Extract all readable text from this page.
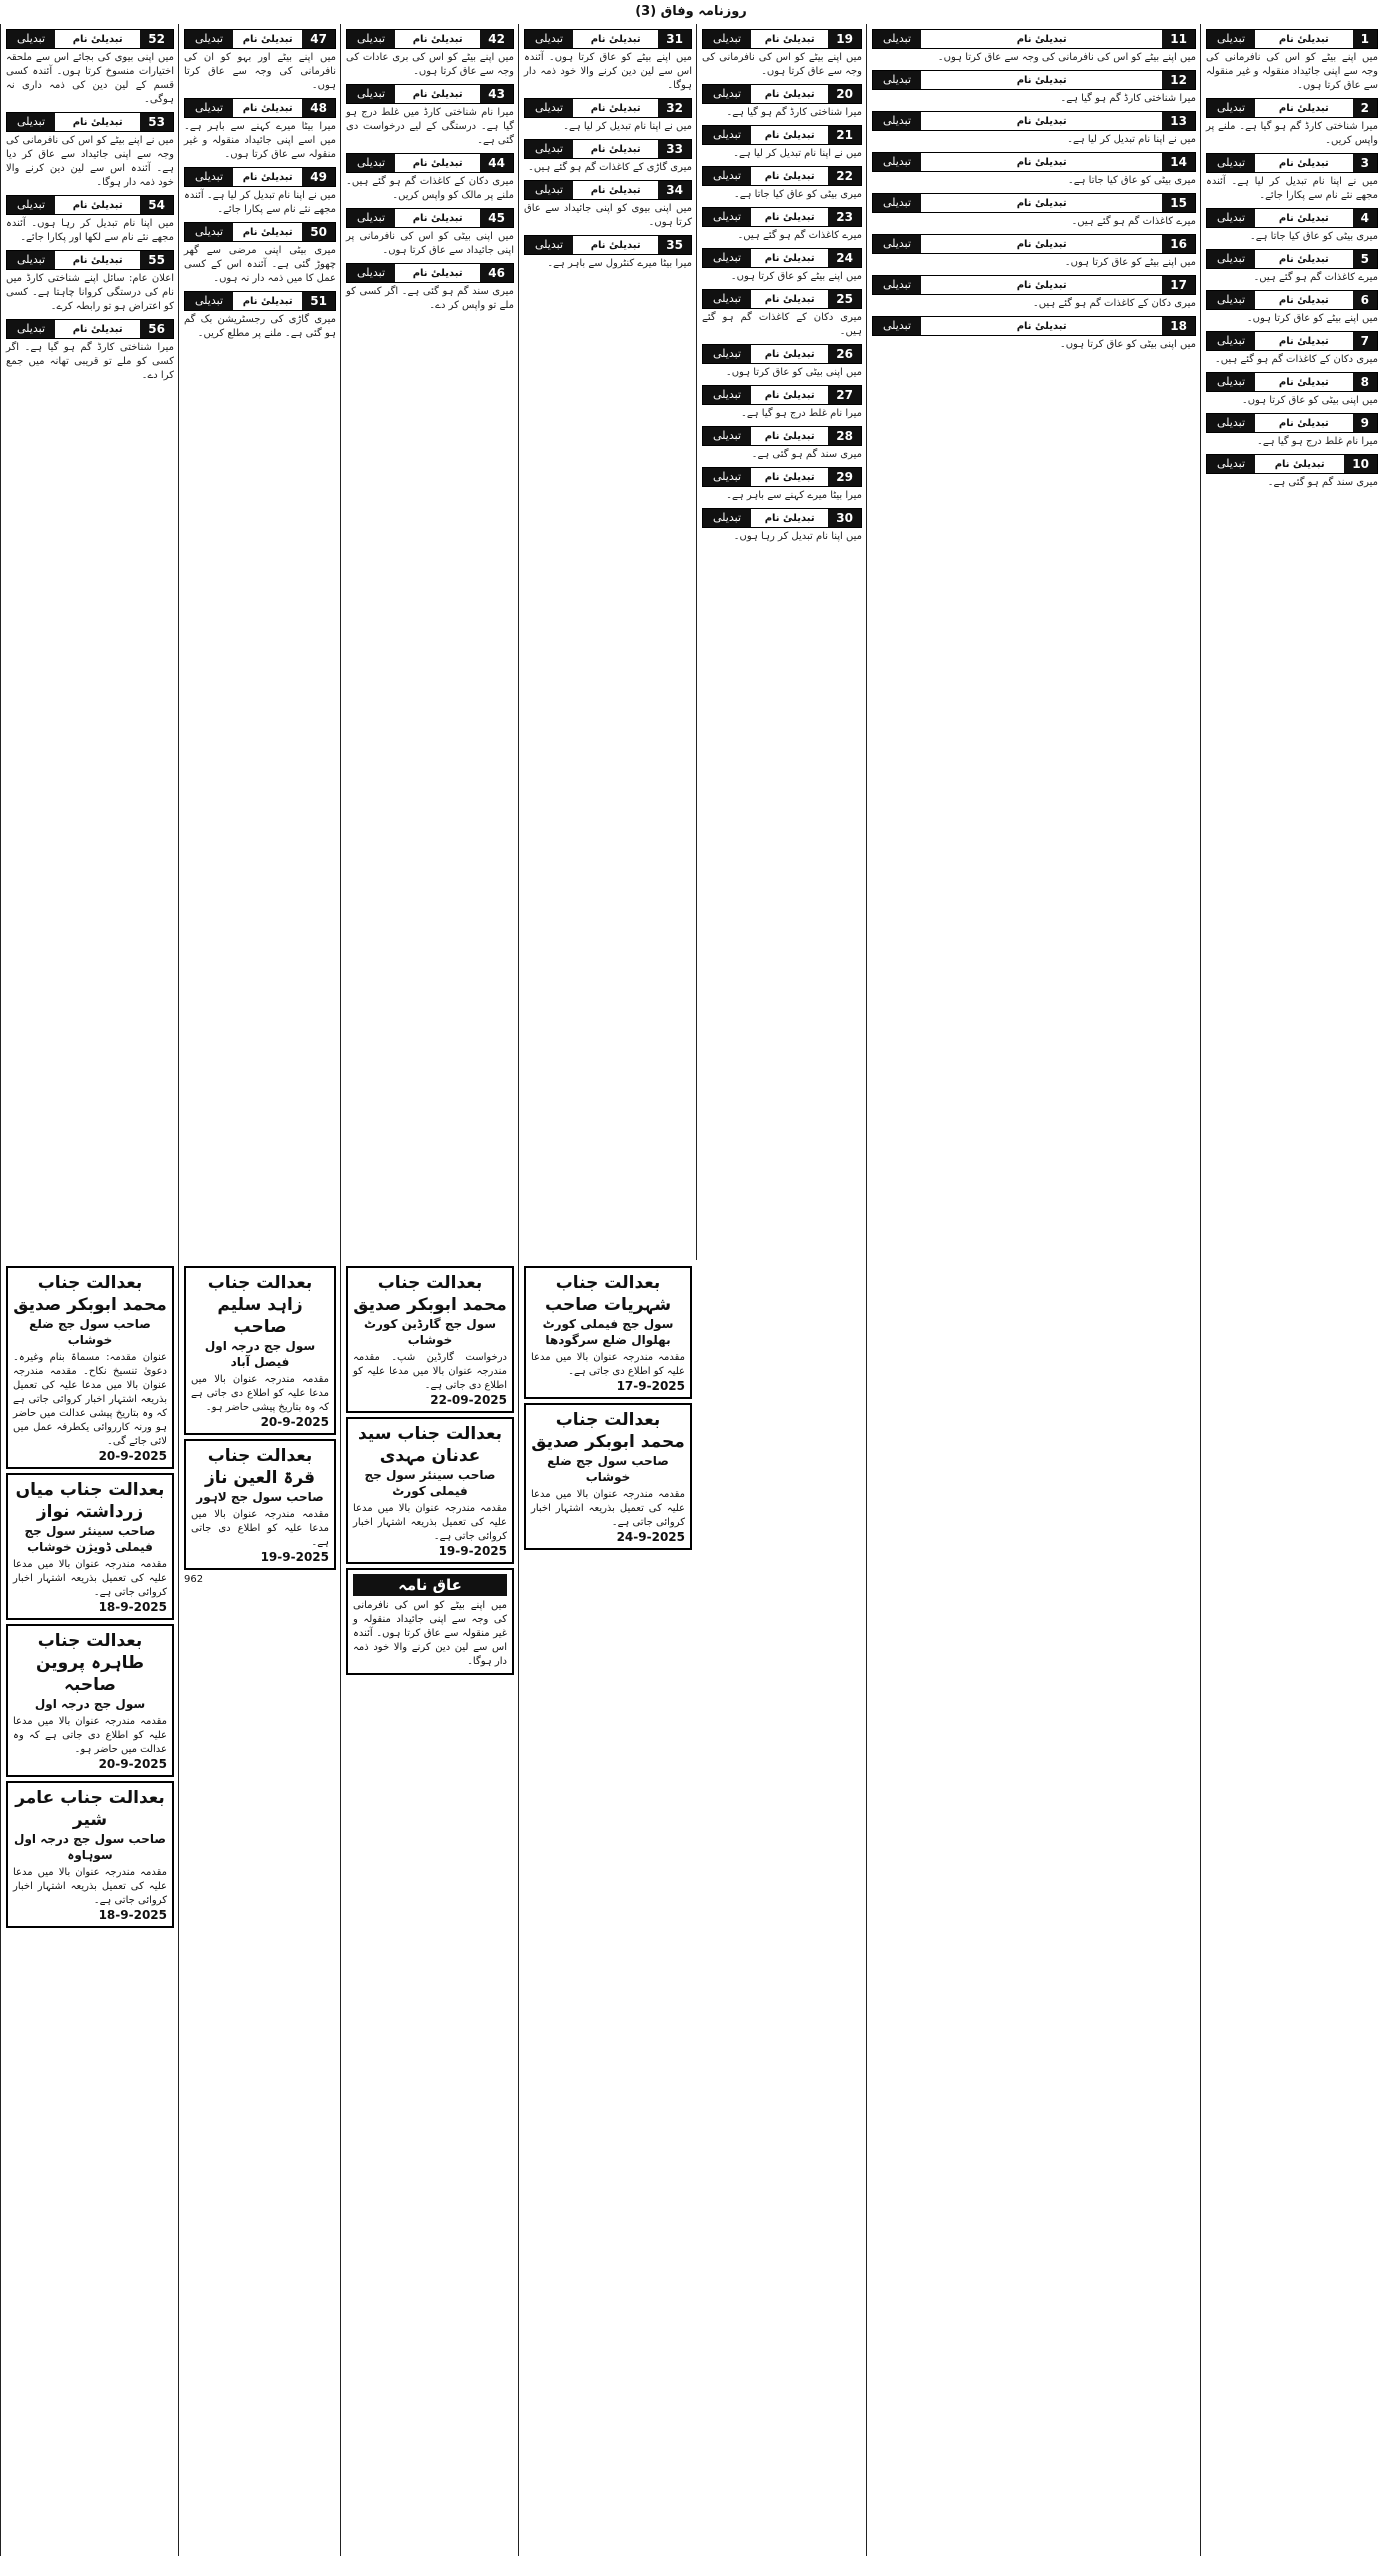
روزنامہ وفاق (3)
تبدیلی	تبدیلیٔ نام	52
میں اپنی بیوی کی بجائے اس سے ملحقہ اختیارات منسوخ کرتا ہوں۔ آئندہ کسی قسم کے لین دین کی ذمہ داری نہ ہوگی۔
تبدیلی	تبدیلیٔ نام	53
میں نے اپنے بیٹے کو اس کی نافرمانی کی وجہ سے اپنی جائیداد سے عاق کر دیا ہے۔ آئندہ اس سے لین دین کرنے والا خود ذمہ دار ہوگا۔
تبدیلی	تبدیلیٔ نام	54
میں اپنا نام تبدیل کر رہا ہوں۔ آئندہ مجھے نئے نام سے لکھا اور پکارا جائے۔
تبدیلی	تبدیلیٔ نام	55
اعلان عام: سائل اپنے شناختی کارڈ میں نام کی درستگی کروانا چاہتا ہے۔ کسی کو اعتراض ہو تو رابطہ کرے۔
تبدیلی	تبدیلیٔ نام	56
میرا شناختی کارڈ گم ہو گیا ہے۔ اگر کسی کو ملے تو قریبی تھانہ میں جمع کرا دے۔
تبدیلی	تبدیلیٔ نام	47
میں اپنے بیٹے اور بہو کو ان کی نافرمانی کی وجہ سے عاق کرتا ہوں۔
تبدیلی	تبدیلیٔ نام	48
میرا بیٹا میرے کہنے سے باہر ہے۔ میں اسے اپنی جائیداد منقولہ و غیر منقولہ سے عاق کرتا ہوں۔
تبدیلی	تبدیلیٔ نام	49
میں نے اپنا نام تبدیل کر لیا ہے۔ آئندہ مجھے نئے نام سے پکارا جائے۔
تبدیلی	تبدیلیٔ نام	50
میری بیٹی اپنی مرضی سے گھر چھوڑ گئی ہے۔ آئندہ اس کے کسی عمل کا میں ذمہ دار نہ ہوں۔
تبدیلی	تبدیلیٔ نام	51
میری گاڑی کی رجسٹریشن بک گم ہو گئی ہے۔ ملنے پر مطلع کریں۔
تبدیلی	تبدیلیٔ نام	42
میں اپنے بیٹے کو اس کی بری عادات کی وجہ سے عاق کرتا ہوں۔
تبدیلی	تبدیلیٔ نام	43
میرا نام شناختی کارڈ میں غلط درج ہو گیا ہے۔ درستگی کے لیے درخواست دی گئی ہے۔
تبدیلی	تبدیلیٔ نام	44
میری دکان کے کاغذات گم ہو گئے ہیں۔ ملنے پر مالک کو واپس کریں۔
تبدیلی	تبدیلیٔ نام	45
میں اپنی بیٹی کو اس کی نافرمانی پر اپنی جائیداد سے عاق کرتا ہوں۔
تبدیلی	تبدیلیٔ نام	46
میری سند گم ہو گئی ہے۔ اگر کسی کو ملے تو واپس کر دے۔
تبدیلی	تبدیلیٔ نام	31
میں اپنے بیٹے کو عاق کرتا ہوں۔ آئندہ اس سے لین دین کرنے والا خود ذمہ دار ہوگا۔
تبدیلی	تبدیلیٔ نام	32
میں نے اپنا نام تبدیل کر لیا ہے۔
تبدیلی	تبدیلیٔ نام	33
میری گاڑی کے کاغذات گم ہو گئے ہیں۔
تبدیلی	تبدیلیٔ نام	34
میں اپنی بیوی کو اپنی جائیداد سے عاق کرتا ہوں۔
تبدیلی	تبدیلیٔ نام	35
میرا بیٹا میرے کنٹرول سے باہر ہے۔
تبدیلی	تبدیلیٔ نام	19
میں اپنے بیٹے کو اس کی نافرمانی کی وجہ سے عاق کرتا ہوں۔
تبدیلی	تبدیلیٔ نام	20
میرا شناختی کارڈ گم ہو گیا ہے۔
تبدیلی	تبدیلیٔ نام	21
میں نے اپنا نام تبدیل کر لیا ہے۔
تبدیلی	تبدیلیٔ نام	22
میری بیٹی کو عاق کیا جاتا ہے۔
تبدیلی	تبدیلیٔ نام	23
میرے کاغذات گم ہو گئے ہیں۔
تبدیلی	تبدیلیٔ نام	24
میں اپنے بیٹے کو عاق کرتا ہوں۔
تبدیلی	تبدیلیٔ نام	25
میری دکان کے کاغذات گم ہو گئے ہیں۔
تبدیلی	تبدیلیٔ نام	26
میں اپنی بیٹی کو عاق کرتا ہوں۔
تبدیلی	تبدیلیٔ نام	27
میرا نام غلط درج ہو گیا ہے۔
تبدیلی	تبدیلیٔ نام	28
میری سند گم ہو گئی ہے۔
تبدیلی	تبدیلیٔ نام	29
میرا بیٹا میرے کہنے سے باہر ہے۔
تبدیلی	تبدیلیٔ نام	30
میں اپنا نام تبدیل کر رہا ہوں۔
تبدیلی	تبدیلیٔ نام	11
میں اپنے بیٹے کو اس کی نافرمانی کی وجہ سے عاق کرتا ہوں۔
تبدیلی	تبدیلیٔ نام	12
میرا شناختی کارڈ گم ہو گیا ہے۔
تبدیلی	تبدیلیٔ نام	13
میں نے اپنا نام تبدیل کر لیا ہے۔
تبدیلی	تبدیلیٔ نام	14
میری بیٹی کو عاق کیا جاتا ہے۔
تبدیلی	تبدیلیٔ نام	15
میرے کاغذات گم ہو گئے ہیں۔
تبدیلی	تبدیلیٔ نام	16
میں اپنے بیٹے کو عاق کرتا ہوں۔
تبدیلی	تبدیلیٔ نام	17
میری دکان کے کاغذات گم ہو گئے ہیں۔
تبدیلی	تبدیلیٔ نام	18
میں اپنی بیٹی کو عاق کرتا ہوں۔
تبدیلی	تبدیلیٔ نام	1
میں اپنے بیٹے کو اس کی نافرمانی کی وجہ سے اپنی جائیداد منقولہ و غیر منقولہ سے عاق کرتا ہوں۔
تبدیلی	تبدیلیٔ نام	2
میرا شناختی کارڈ گم ہو گیا ہے۔ ملنے پر واپس کریں۔
تبدیلی	تبدیلیٔ نام	3
میں نے اپنا نام تبدیل کر لیا ہے۔ آئندہ مجھے نئے نام سے پکارا جائے۔
تبدیلی	تبدیلیٔ نام	4
میری بیٹی کو عاق کیا جاتا ہے۔
تبدیلی	تبدیلیٔ نام	5
میرے کاغذات گم ہو گئے ہیں۔
تبدیلی	تبدیلیٔ نام	6
میں اپنے بیٹے کو عاق کرتا ہوں۔
تبدیلی	تبدیلیٔ نام	7
میری دکان کے کاغذات گم ہو گئے ہیں۔
تبدیلی	تبدیلیٔ نام	8
میں اپنی بیٹی کو عاق کرتا ہوں۔
تبدیلی	تبدیلیٔ نام	9
میرا نام غلط درج ہو گیا ہے۔
تبدیلی	تبدیلیٔ نام	10
میری سند گم ہو گئی ہے۔
بعدالت جناب محمد ابوبکر صدیق
صاحب سول جج ضلع خوشاب
عنوان مقدمہ: مسماۃ بنام وغیرہ۔ دعویٰ تنسیخ نکاح۔ مقدمہ مندرجہ عنوان بالا میں مدعا علیہ کی تعمیل بذریعہ اشتہار اخبار کروائی جاتی ہے کہ وہ بتاریخ پیشی عدالت میں حاضر ہو ورنہ کارروائی یکطرفہ عمل میں لائی جائے گی۔
20-9-2025
بعدالت جناب میاں زرداشتہ نواز
صاحب سینئر سول جج فیملی ڈویژن خوشاب
مقدمہ مندرجہ عنوان بالا میں مدعا علیہ کی تعمیل بذریعہ اشتہار اخبار کروائی جاتی ہے۔
18-9-2025
بعدالت جناب طاہرہ پروین صاحبہ
سول جج درجہ اول
مقدمہ مندرجہ عنوان بالا میں مدعا علیہ کو اطلاع دی جاتی ہے کہ وہ عدالت میں حاضر ہو۔
20-9-2025
بعدالت جناب عامر شیر
صاحب سول جج درجہ اول سوہاوہ
مقدمہ مندرجہ عنوان بالا میں مدعا علیہ کی تعمیل بذریعہ اشتہار اخبار کروائی جاتی ہے۔
18-9-2025
بعدالت جناب زاہد سلیم صاحب
سول جج درجہ اول فیصل آباد
مقدمہ مندرجہ عنوان بالا میں مدعا علیہ کو اطلاع دی جاتی ہے کہ وہ بتاریخ پیشی حاضر ہو۔
20-9-2025
بعدالت جناب قرۃ العین ناز
صاحب سول جج لاہور
مقدمہ مندرجہ عنوان بالا میں مدعا علیہ کو اطلاع دی جاتی ہے۔
19-9-2025
962
بعدالت جناب محمد ابوبکر صدیق
سول جج گارڈین کورٹ خوشاب
درخواست گارڈین شپ۔ مقدمہ مندرجہ عنوان بالا میں مدعا علیہ کو اطلاع دی جاتی ہے۔
22-09-2025
بعدالت جناب سید عدنان مہدی
صاحب سینئر سول جج فیملی کورٹ
مقدمہ مندرجہ عنوان بالا میں مدعا علیہ کی تعمیل بذریعہ اشتہار اخبار کروائی جاتی ہے۔
19-9-2025
عاق نامہ
میں اپنے بیٹے کو اس کی نافرمانی کی وجہ سے اپنی جائیداد منقولہ و غیر منقولہ سے عاق کرتا ہوں۔ آئندہ اس سے لین دین کرنے والا خود ذمہ دار ہوگا۔
بعدالت جناب شہریات صاحب
سول جج فیملی کورٹ بھلوال ضلع سرگودھا
مقدمہ مندرجہ عنوان بالا میں مدعا علیہ کو اطلاع دی جاتی ہے۔
17-9-2025
بعدالت جناب محمد ابوبکر صدیق
صاحب سول جج ضلع خوشاب
مقدمہ مندرجہ عنوان بالا میں مدعا علیہ کی تعمیل بذریعہ اشتہار اخبار کروائی جاتی ہے۔
24-9-2025
